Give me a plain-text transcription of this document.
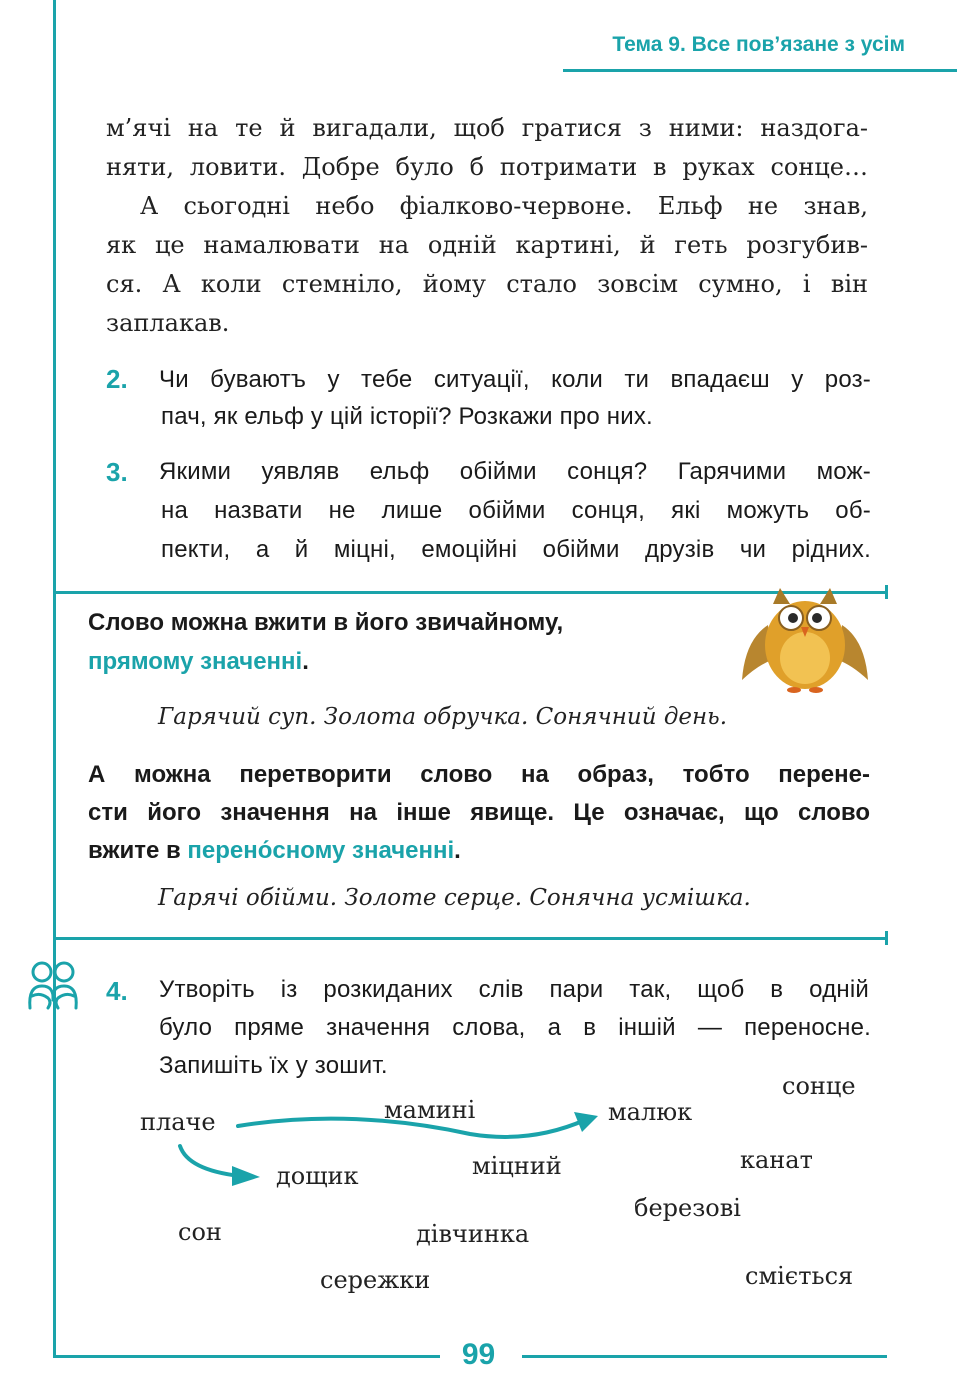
Тема 9. Все пов’язане з усім
м’ячі на те й вигадали, щоб гратися з ними: наздога-
няти, ловити. Добре було б потримати в руках сонце…
А сьогодні небо фіалково-червоне. Ельф не знав,
як це намалювати на одній картині, й геть розгубив-
ся. А коли стемніло, йому стало зовсім сумно, і він
заплакав.
2. Чи буваютъ у тебе ситуації, коли ти впадаєш у роз-
пач, як ельф у цій історії? Розкажи про них.
3. Якими уявляв ельф обійми сонця? Гарячими мож-
на назвати не лише обійми сонця, які можуть об-
пекти, а й міцні, емоційні обійми друзів чи рідних.
Слово можна вжити в його звичайному,
прямому значенні.
Гарячий суп. Золота обручка. Сонячний день.
А можна перетворити слово на образ, тобто перене-
сти його значення на інше явище. Це означає, що слово
вжите в перено́сному значенні.
Гарячі обійми. Золоте серце. Сонячна усмішка.
4. Утворіть із розкиданих слів пари так, щоб в одній
було пряме значення слова, а в іншій — переносне.
Запишіть їх у зошит.
сонце
плаче	мамині	малюк
канат
дощик	міцний
березові
сон	дівчинка
сережки	сміється
99
